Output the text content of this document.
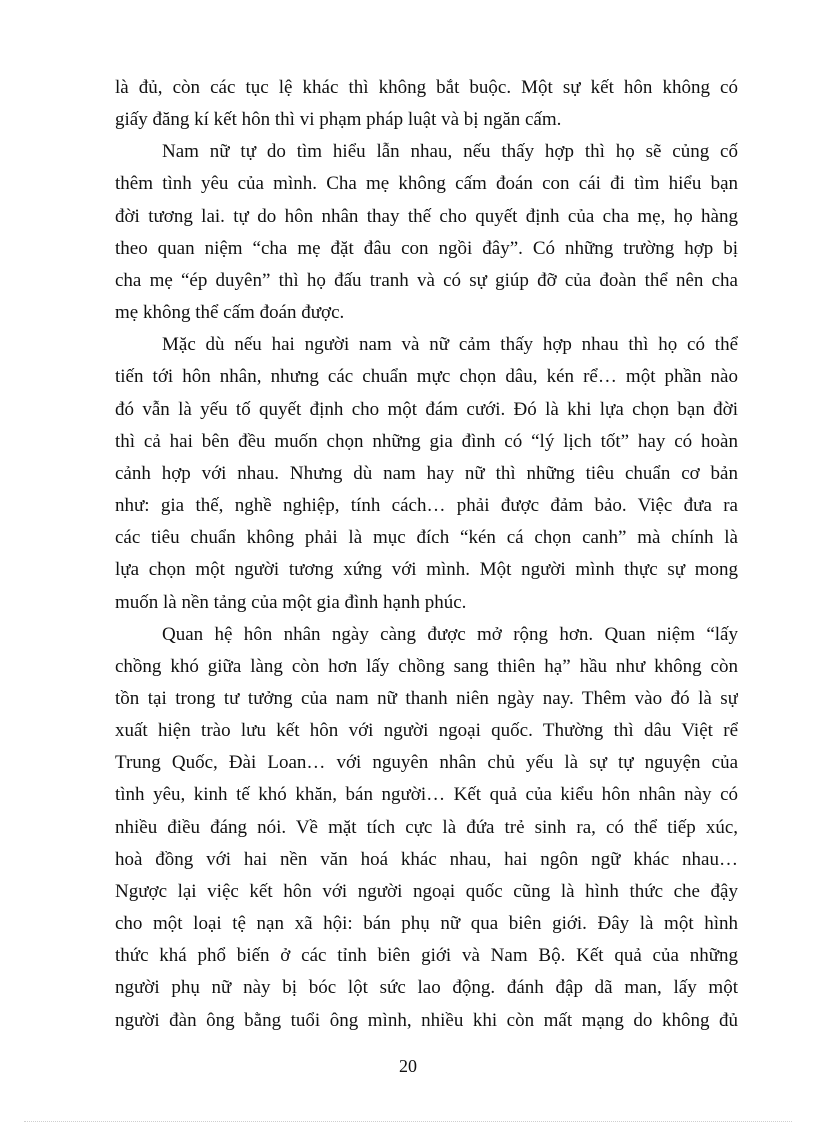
là đủ, còn các tục lệ khác thì không bắt buộc. Một sự kết hôn không có
giấy đăng kí kết hôn thì vi phạm pháp luật và bị ngăn cấm.
Nam nữ tự do tìm hiểu lẫn nhau, nếu thấy hợp thì họ sẽ củng cố
thêm tình yêu của mình. Cha mẹ không cấm đoán con cái đi tìm hiểu bạn
đời tương lai. tự do hôn nhân thay thế cho quyết định của cha mẹ, họ hàng
theo quan niệm “cha mẹ đặt đâu con ngồi đây”. Có những trường hợp bị
cha mẹ “ép duyên” thì họ đấu tranh và có sự giúp đỡ của đoàn thể nên cha
mẹ không thể cấm đoán được.
Mặc dù nếu hai người nam và nữ cảm thấy hợp nhau thì họ có thể
tiến tới hôn nhân, nhưng các chuẩn mực chọn dâu, kén rể… một phần nào
đó vẫn là yếu tố quyết định cho một đám cưới. Đó là khi lựa chọn bạn đời
thì cả hai bên đều muốn chọn những gia đình có “lý lịch tốt” hay có hoàn
cảnh hợp với nhau. Nhưng dù nam hay nữ thì những tiêu chuẩn cơ bản
như: gia thế, nghề nghiệp, tính cách… phải được đảm bảo. Việc đưa ra
các tiêu chuẩn không phải là mục đích “kén cá chọn canh” mà chính là
lựa chọn một người tương xứng với mình. Một người mình thực sự mong
muốn là nền tảng của một gia đình hạnh phúc.
Quan hệ hôn nhân ngày càng được mở rộng hơn. Quan niệm “lấy
chồng khó giữa làng còn hơn lấy chồng sang thiên hạ” hầu như không còn
tồn tại trong tư tưởng của nam nữ thanh niên ngày nay. Thêm vào đó là sự
xuất hiện trào lưu kết hôn với người ngoại quốc. Thường thì dâu Việt rể
Trung Quốc, Đài Loan… với nguyên nhân chủ yếu là sự tự nguyện của
tình yêu, kinh tế khó khăn, bán người… Kết quả của kiểu hôn nhân này có
nhiều điều đáng nói. Về mặt tích cực là đứa trẻ sinh ra, có thể tiếp xúc,
hoà đồng với hai nền văn hoá khác nhau, hai ngôn ngữ khác nhau…
Ngược lại việc kết hôn với người ngoại quốc cũng là hình thức che đậy
cho một loại tệ nạn xã hội: bán phụ nữ qua biên giới. Đây là một hình
thức khá phổ biến ở các tỉnh biên giới và Nam Bộ. Kết quả của những
người phụ nữ này bị bóc lột sức lao động. đánh đập dã man, lấy một
người đàn ông bằng tuổi ông mình, nhiều khi còn mất mạng do không đủ
20
